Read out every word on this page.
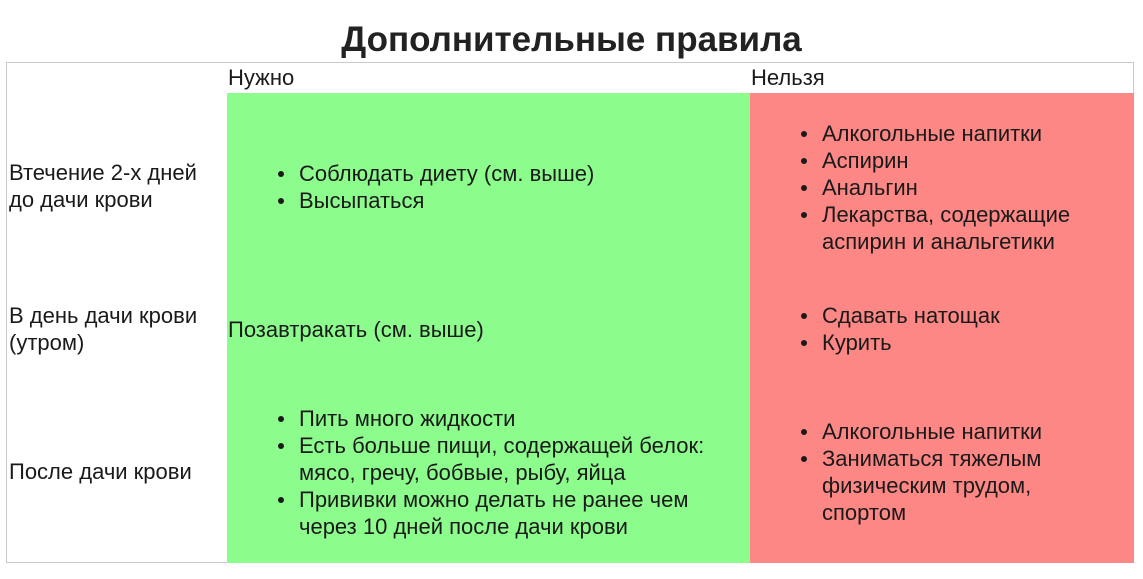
Дополнительные правила
Нужно	Нельзя
Втечение 2-х дней до дачи крови
Соблюдать диету (см. выше)
Высыпаться
Алкогольные напитки
Аспирин
Анальгин
Лекарства, содержащие аспирин и анальгетики
В день дачи крови (утром)
Позавтракать (см. выше)
Сдавать натощак
Курить
После дачи крови
Пить много жидкости
Есть больше пищи, содержащей белок: мясо, гречу, бобвые, рыбу, яйца
Прививки можно делать не ранее чем через 10 дней после дачи крови
Алкогольные напитки
Заниматься тяжелым физическим трудом, спортом
